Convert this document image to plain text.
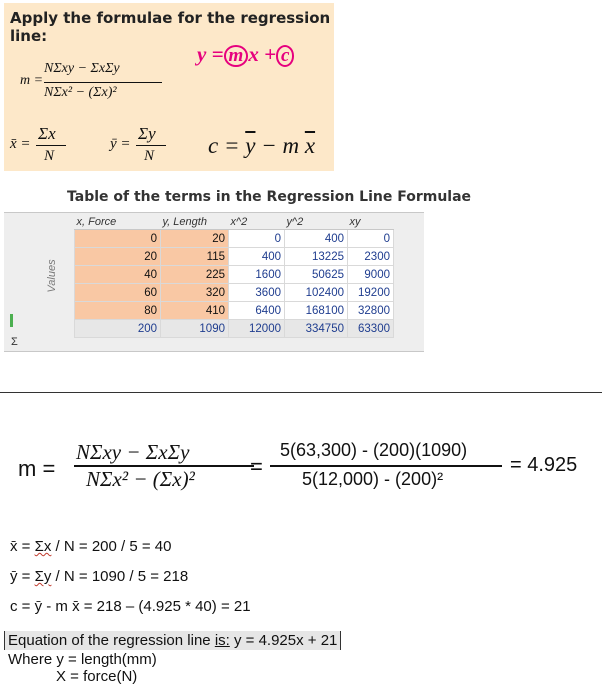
Apply the formulae for the regression line:
y = m x + c
m =
NΣxy − ΣxΣy
NΣx² − (Σx)²
x̄ =
Σx
N
ȳ =
Σy
N $c = \overline{y} - m$ $\overline{x}$
Table of the terms in the Regression Line Formulae
Values
Σ
x, Force	y, Length	x^2	y^2	xy
0	20	0	400	0
20	115	400	13225	2300
40	225	1600	50625	9000
60	320	3600	102400	19200
80	410	6400	168100	32800
200	1090	12000	334750	63300
m =
NΣxy − ΣxΣy
NΣx² − (Σx)²	=
5(63,300) - (200)(1090)
5(12,000) - (200)²
= 4.925
x̄ = Σx / N = 200 / 5 = 40
ȳ = Σy / N = 1090 / 5 = 218
c = ȳ - m x̄ = 218 – (4.925 * 40) = 21
Equation of the regression line is: y = 4.925x + 21
Where y = length(mm)
X = force(N)
